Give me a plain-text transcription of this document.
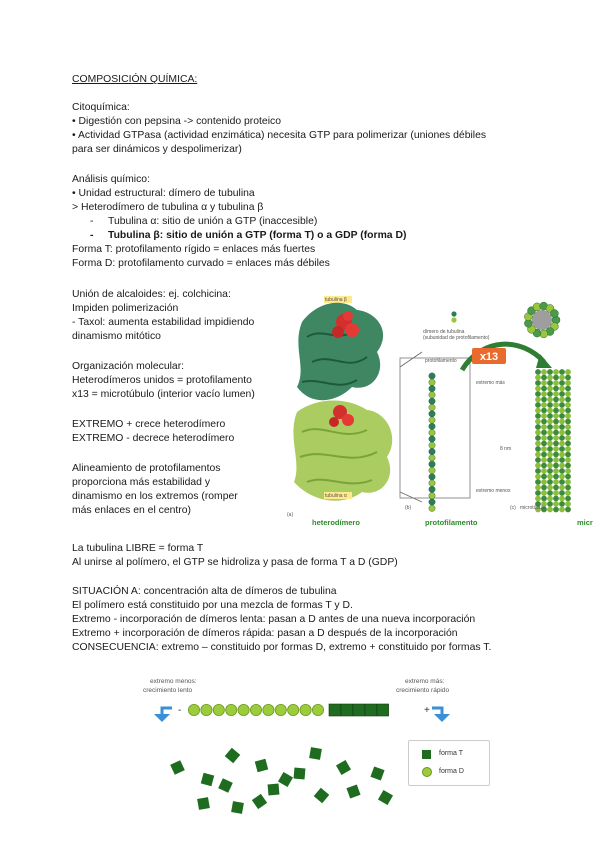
COMPOSICIÓN QUÍMICA:
Citoquímica:
• Digestión con pepsina -> contenido proteico
• Actividad GTPasa (actividad enzimática) necesita GTP para polimerizar (uniones débiles
para ser dinámicos y despolimerizar)
Análisis químico:
• Unidad estructural: dímero de tubulina
> Heterodímero de tubulina α y tubulina β
- Tubulina α: sitio de unión a GTP (inaccesible)
- Tubulina β: sitio de unión a GTP (forma T) o a GDP (forma D)
Forma T: protofilamento rígido = enlaces más fuertes
Forma D: protofilamento curvado = enlaces más débiles
Unión de alcaloides: ej. colchicina:
Impiden polimerización
- Taxol: aumenta estabilidad impidiendo
dinamismo mitótico
Organización molecular:
Heterodímeros unidos = protofilamento
x13 = microtúbulo (interior vacío lumen)
EXTREMO + crece heterodímero
EXTREMO - decrece heterodímero
Alineamiento de protofilamentos
proporciona más estabilidad y
dinamismo en los extremos (romper
más enlaces en el centro)
La tubulina LIBRE = forma T
Al unirse al polímero, el GTP se hidroliza y pasa de forma T a D (GDP)
SITUACIÓN A: concentración alta de dímeros de tubulina
El polímero está constituido por una mezcla de formas T y D.
Extremo - incorporación de dímeros lenta: pasan a D antes de una nueva incorporación
Extremo + incorporación de dímeros rápida: pasan a D después de la incorporación
CONSECUENCIA: extremo – constituido por formas D, extremo + constituido por formas T.
x13
heterodímero	protofilamento	micr
(a)
(b)	(c)
tubulina β
tubulina α
dímero de tubulina
(subunidad de protofilamento)
protofilamento
extremo más
8 nm
extremo menos
microtúbulo
extremo menos:
crecimiento lento
extremo más:
crecimiento rápido
-	+
forma T
forma D
